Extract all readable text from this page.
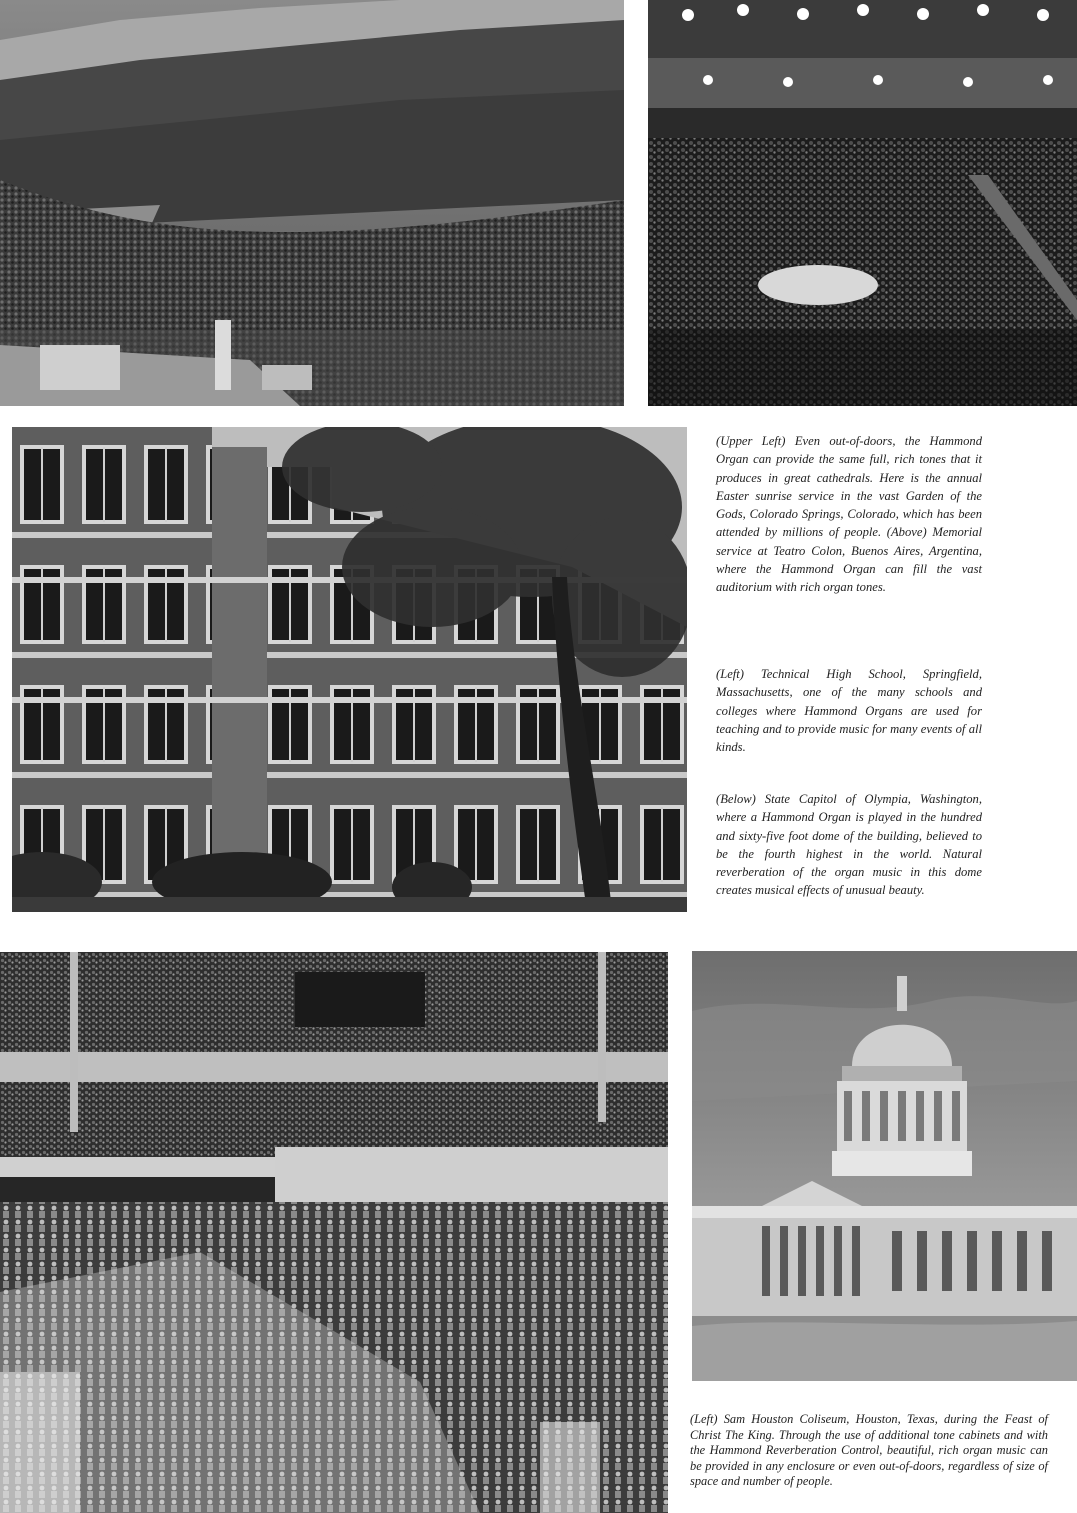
(Upper Left) Even out-of-doors, the Hammond Organ can provide the same full, rich tones that it produces in great cathedrals. Here is the annual Easter sunrise service in the vast Garden of the Gods, Colorado Springs, Colorado, which has been attended by millions of people. (Above) Memorial service at Teatro Colon, Buenos Aires, Argentina, where the Hammond Organ can fill the vast auditorium with rich organ tones.

(Left) Technical High School, Springfield, Massachusetts, one of the many schools and colleges where Hammond Organs are used for teaching and to provide music for many events of all kinds.

(Below) State Capitol of Olympia, Washington, where a Hammond Organ is played in the hundred and sixty-five foot dome of the building, believed to be the fourth highest in the world. Natural reverberation of the organ music in this dome creates musical effects of unusual beauty.

(Left) Sam Houston Coliseum, Houston, Texas, during the Feast of Christ The King. Through the use of additional tone cabinets and with the Hammond Reverberation Control, beautiful, rich organ music can be provided in any enclosure or even out-of-doors, regardless of size of space and number of people.
